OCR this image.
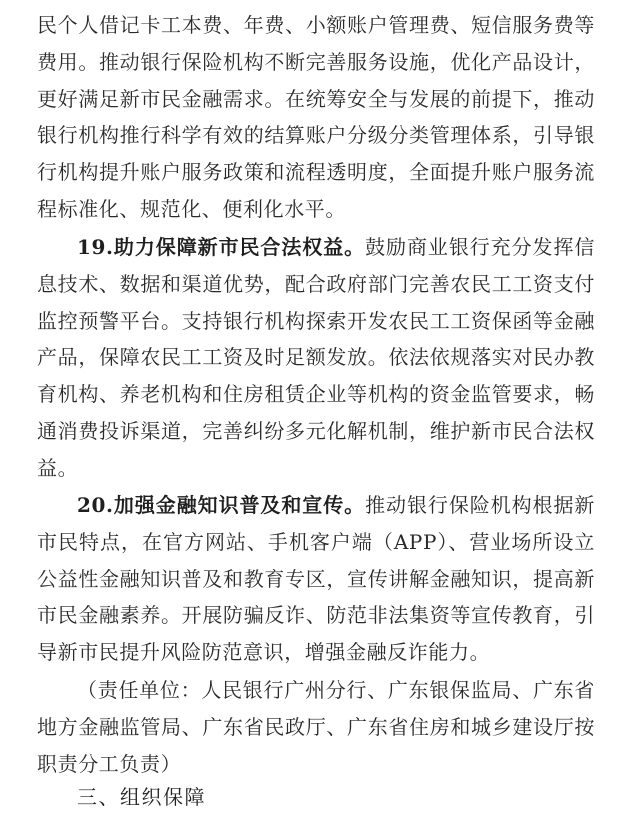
民个人借记卡工本费、年费、小额账户管理费、短信服务费等费用。推动银行保险机构不断完善服务设施，优化产品设计，更好满足新市民金融需求。在统筹安全与发展的前提下，推动银行机构推行科学有效的结算账户分级分类管理体系，引导银行机构提升账户服务政策和流程透明度，全面提升账户服务流程标准化、规范化、便利化水平。

19.助力保障新市民合法权益。鼓励商业银行充分发挥信息技术、数据和渠道优势，配合政府部门完善农民工工资支付监控预警平台。支持银行机构探索开发农民工工资保函等金融产品，保障农民工工资及时足额发放。依法依规落实对民办教育机构、养老机构和住房租赁企业等机构的资金监管要求，畅通消费投诉渠道，完善纠纷多元化解机制，维护新市民合法权益。

20.加强金融知识普及和宣传。推动银行保险机构根据新市民特点，在官方网站、手机客户端（APP）、营业场所设立公益性金融知识普及和教育专区，宣传讲解金融知识，提高新市民金融素养。开展防骗反诈、防范非法集资等宣传教育，引导新市民提升风险防范意识，增强金融反诈能力。

（责任单位：人民银行广州分行、广东银保监局、广东省地方金融监管局、广东省民政厅、广东省住房和城乡建设厅按职责分工负责）

三、组织保障
